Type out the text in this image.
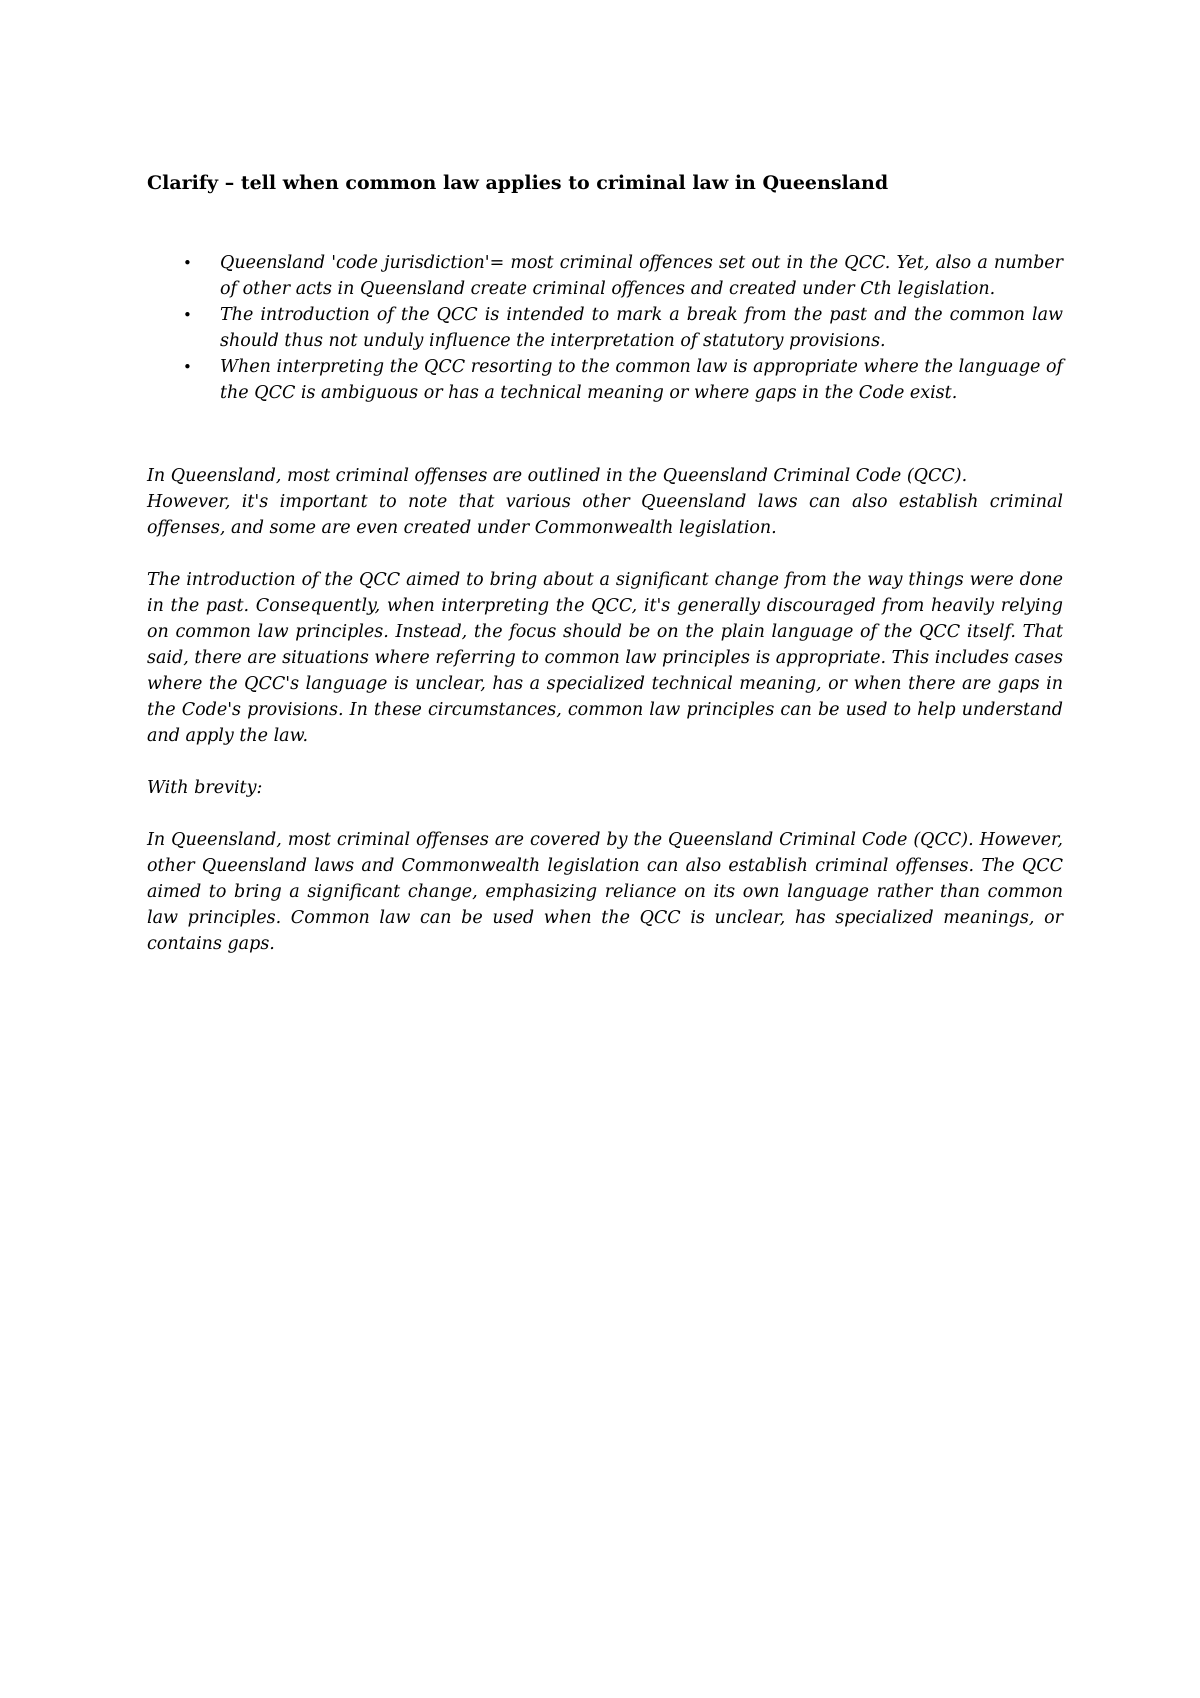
Clarify – tell when common law applies to criminal law in Queensland

• Queensland 'code jurisdiction'= most criminal offences set out in the QCC. Yet, also a number of other acts in Queensland create criminal offences and created under Cth legislation.
• The introduction of the QCC is intended to mark a break from the past and the common law should thus not unduly influence the interpretation of statutory provisions.
• When interpreting the QCC resorting to the common law is appropriate where the language of the QCC is ambiguous or has a technical meaning or where gaps in the Code exist.
In Queensland, most criminal offenses are outlined in the Queensland Criminal Code (QCC).
However, it's important to note that various other Queensland laws can also establish criminal offenses, and some are even created under Commonwealth legislation.

The introduction of the QCC aimed to bring about a significant change from the way things were done in the past. Consequently, when interpreting the QCC, it's generally discouraged from heavily relying on common law principles. Instead, the focus should be on the plain language of the QCC itself. That said, there are situations where referring to common law principles is appropriate. This includes cases where the QCC's language is unclear, has a specialized technical meaning, or when there are gaps in the Code's provisions. In these circumstances, common law principles can be used to help understand and apply the law.

With brevity:

In Queensland, most criminal offenses are covered by the Queensland Criminal Code (QCC). However, other Queensland laws and Commonwealth legislation can also establish criminal offenses. The QCC aimed to bring a significant change, emphasizing reliance on its own language rather than common law principles. Common law can be used when the QCC is unclear, has specialized meanings, or contains gaps.
